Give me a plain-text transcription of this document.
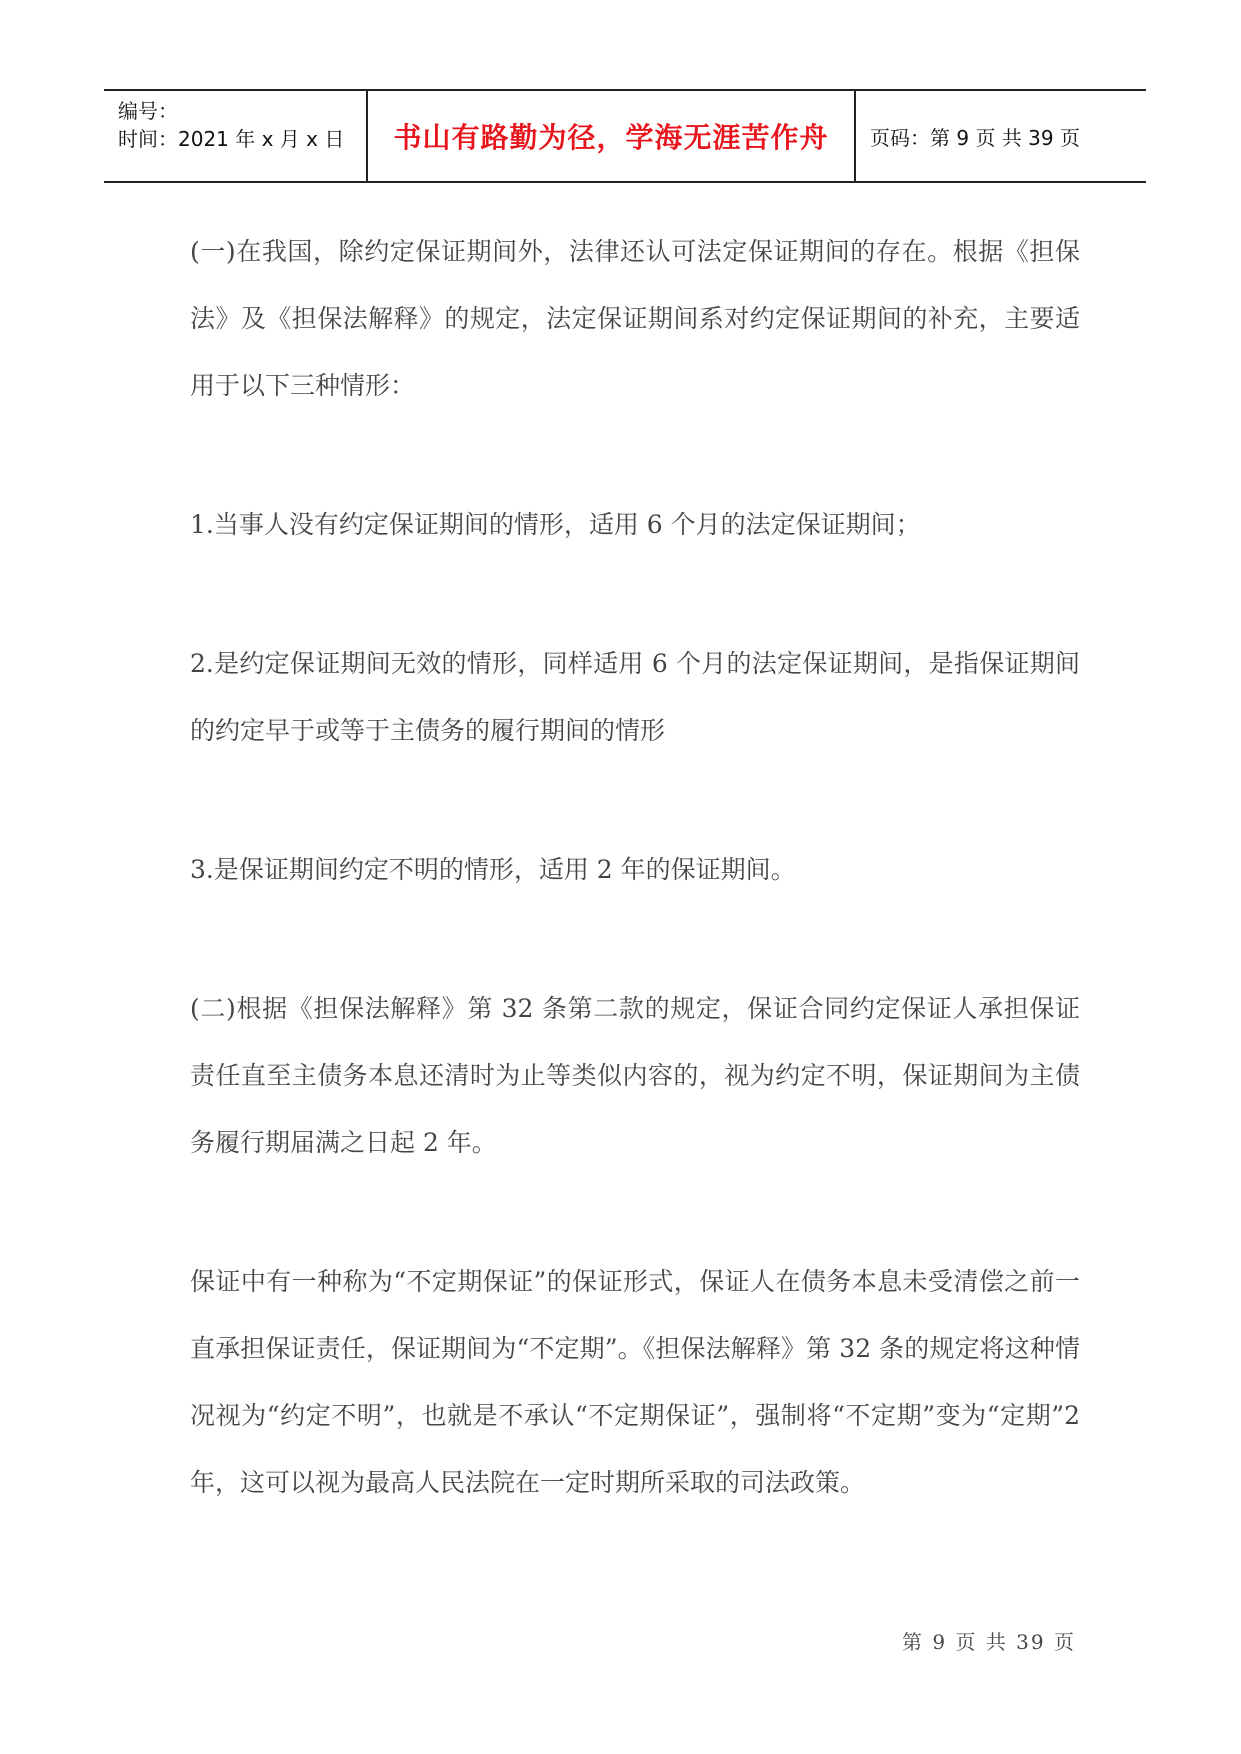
编号：
时间：2021 年 x 月 x 日	书山有路勤为径，学海无涯苦作舟	页码：第 9 页 共 39 页

(一)在我国，除约定保证期间外，法律还认可法定保证期间的存在。根据《担保法》及《担保法解释》的规定，法定保证期间系对约定保证期间的补充，主要适用于以下三种情形：

1.当事人没有约定保证期间的情形，适用 6 个月的法定保证期间；

2.是约定保证期间无效的情形，同样适用 6 个月的法定保证期间，是指保证期间的约定早于或等于主债务的履行期间的情形

3.是保证期间约定不明的情形，适用 2 年的保证期间。

(二)根据《担保法解释》第 32 条第二款的规定，保证合同约定保证人承担保证责任直至主债务本息还清时为止等类似内容的，视为约定不明，保证期间为主债务履行期届满之日起 2 年。

保证中有一种称为“不定期保证”的保证形式，保证人在债务本息未受清偿之前一直承担保证责任，保证期间为“不定期”。《担保法解释》第 32 条的规定将这种情况视为“约定不明”，也就是不承认“不定期保证”，强制将“不定期”变为“定期”2 年，这可以视为最高人民法院在一定时期所采取的司法政策。

第 9 页 共 39 页
